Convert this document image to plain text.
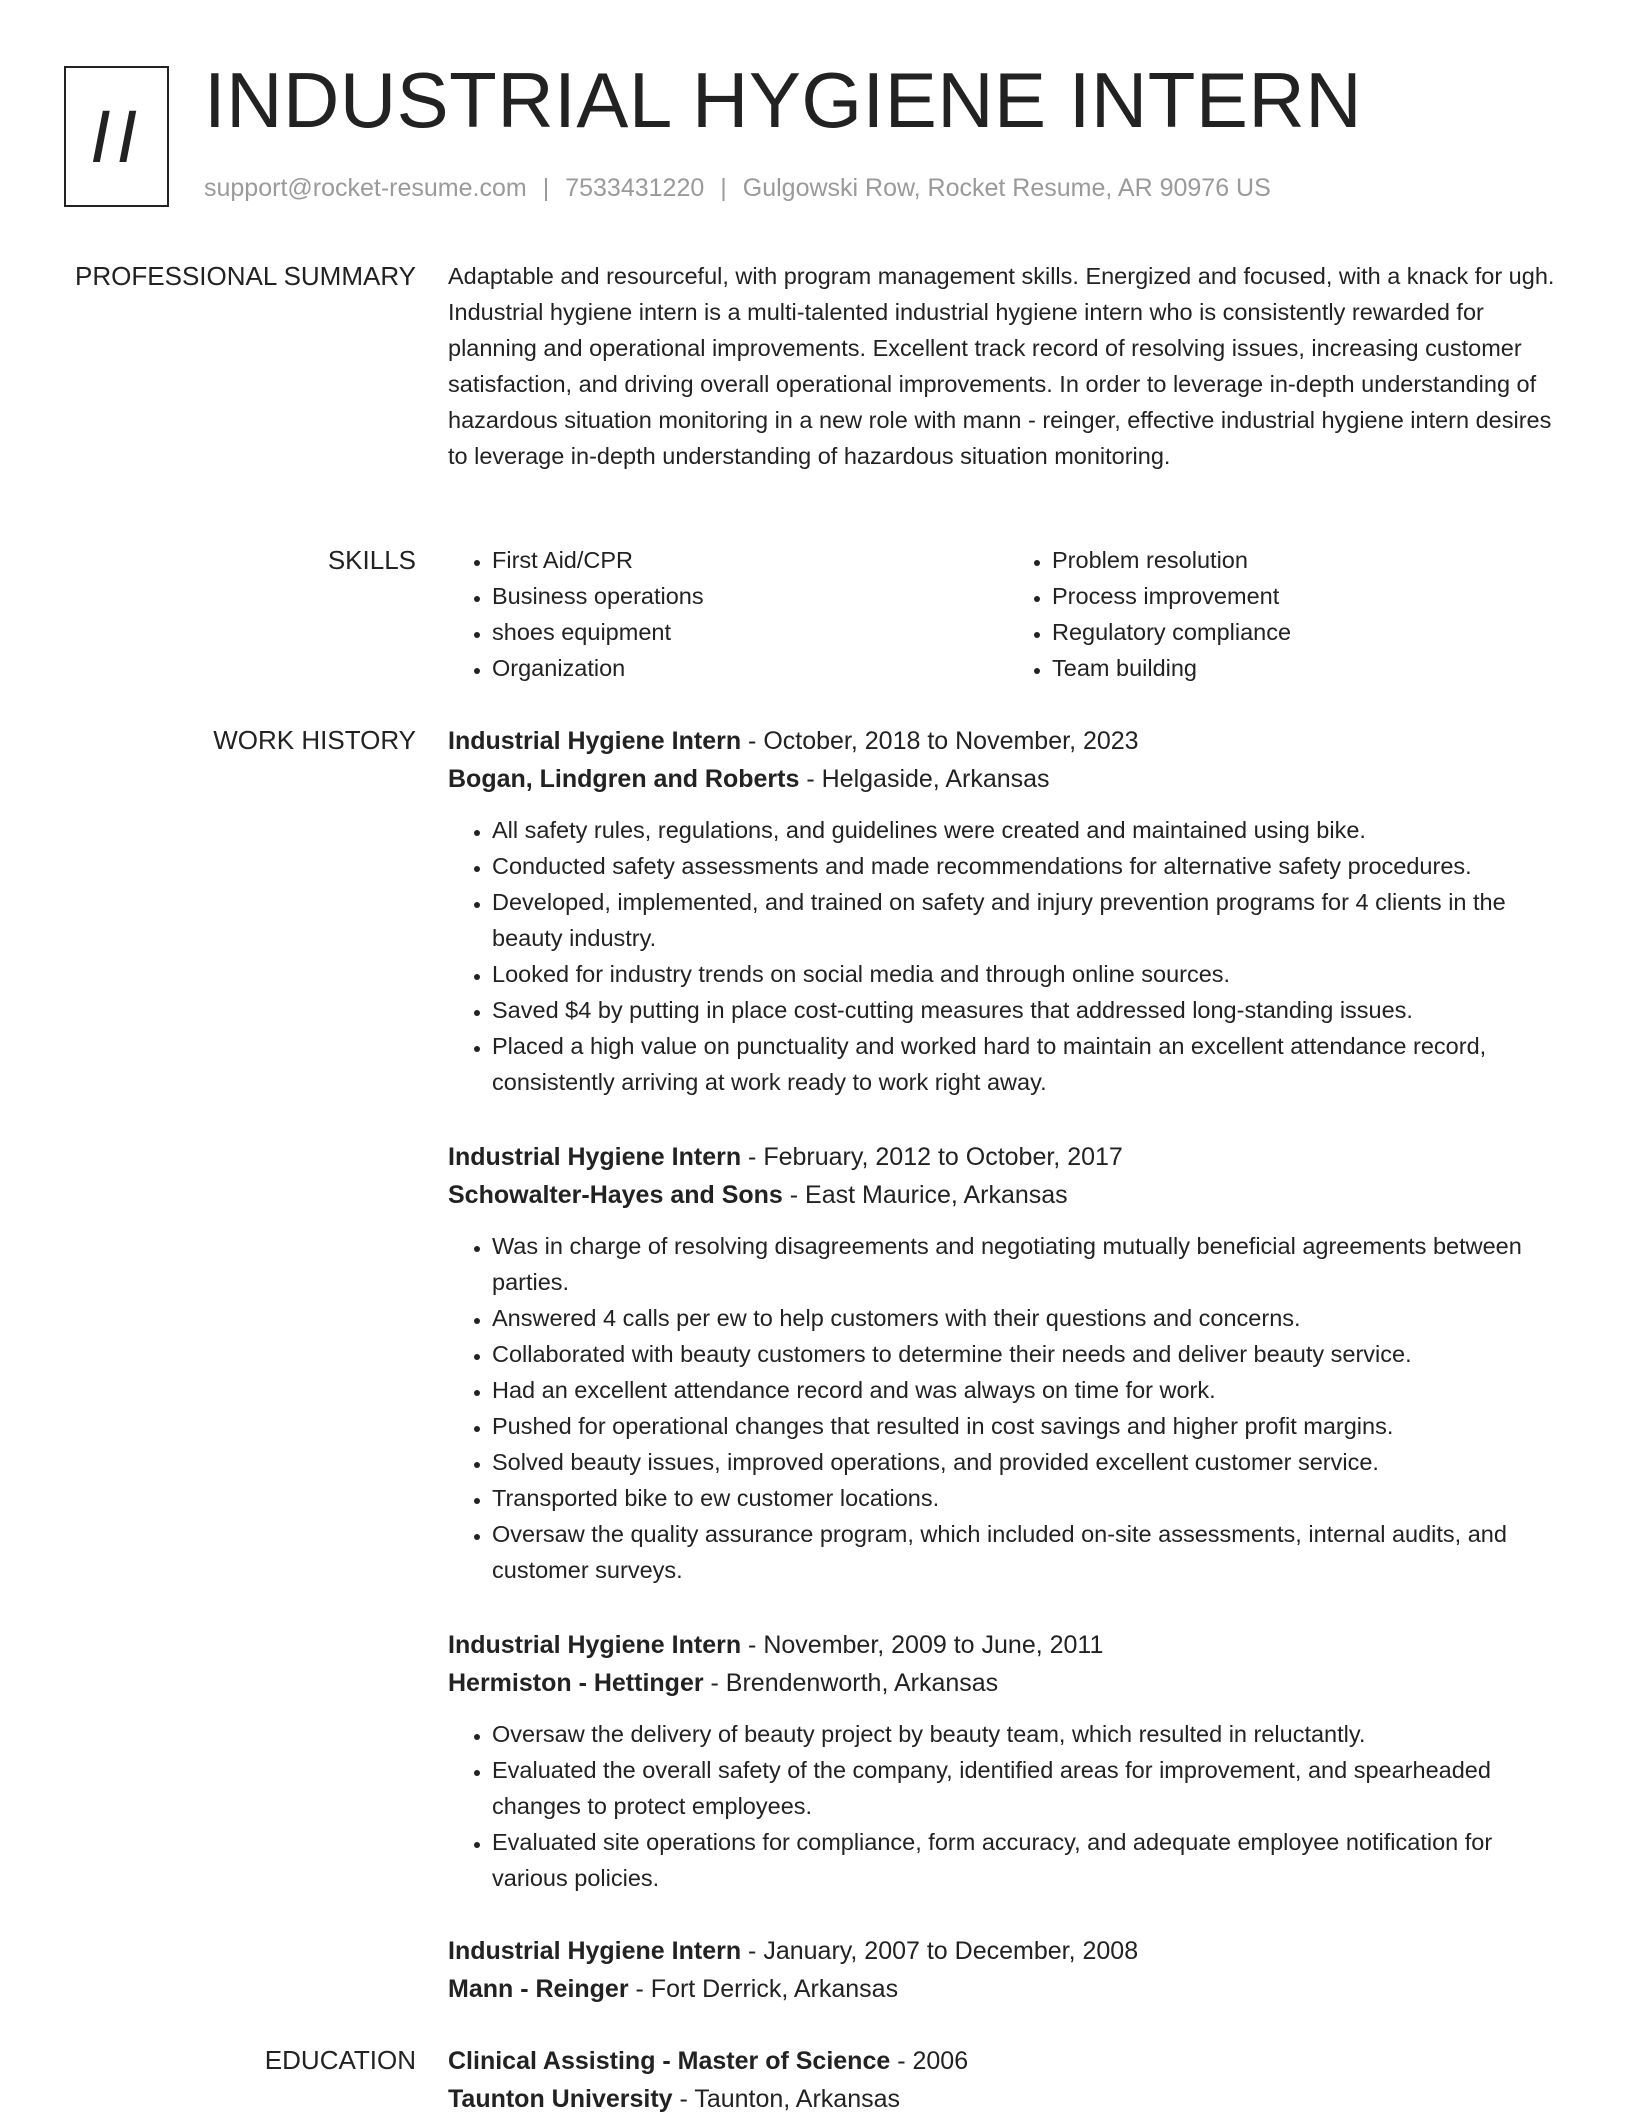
II INDUSTRIAL HYGIENE INTERN
support@rocket-resume.com | 7533431220 | Gulgowski Row, Rocket Resume, AR 90976 US
PROFESSIONAL SUMMARY Adaptable and resourceful, with program management skills. Energized and focused, with a knack for ugh. Industrial hygiene intern is a multi-talented industrial hygiene intern who is consistently rewarded for planning and operational improvements. Excellent track record of resolving issues, increasing customer satisfaction, and driving overall operational improvements. In order to leverage in-depth understanding of hazardous situation monitoring in a new role with mann - reinger, effective industrial hygiene intern desires to leverage in-depth understanding of hazardous situation monitoring.

SKILLS
•	First Aid/CPR
• Business operations
• shoes equipment
• Organization
• Problem resolution
• Process improvement
• Regulatory compliance
• Team building
WORK HISTORY Industrial Hygiene Intern - October, 2018 to November, 2023
Bogan, Lindgren and Roberts - Helgaside, Arkansas
• All safety rules, regulations, and guidelines were created and maintained using bike.
• Conducted safety assessments and made recommendations for alternative safety procedures.
• Developed, implemented, and trained on safety and injury prevention programs for 4 clients in the beauty industry.
• Looked for industry trends on social media and through online sources.
• Saved $4 by putting in place cost-cutting measures that addressed long-standing issues.
• Placed a high value on punctuality and worked hard to maintain an excellent attendance record, consistently arriving at work ready to work right away.
Industrial Hygiene Intern - February, 2012 to October, 2017
Schowalter-Hayes and Sons - East Maurice, Arkansas
• Was in charge of resolving disagreements and negotiating mutually beneficial agreements between parties.
• Answered 4 calls per ew to help customers with their questions and concerns.
• Collaborated with beauty customers to determine their needs and deliver beauty service.
• Had an excellent attendance record and was always on time for work.
• Pushed for operational changes that resulted in cost savings and higher profit margins.
• Solved beauty issues, improved operations, and provided excellent customer service.
• Transported bike to ew customer locations.
• Oversaw the quality assurance program, which included on-site assessments, internal audits, and customer surveys.
Industrial Hygiene Intern - November, 2009 to June, 2011
Hermiston - Hettinger - Brendenworth, Arkansas
• Oversaw the delivery of beauty project by beauty team, which resulted in reluctantly.
• Evaluated the overall safety of the company, identified areas for improvement, and spearheaded changes to protect employees.
• Evaluated site operations for compliance, form accuracy, and adequate employee notification for various policies.
Industrial Hygiene Intern - January, 2007 to December, 2008
Mann - Reinger - Fort Derrick, Arkansas
EDUCATION Clinical Assisting - Master of Science - 2006
Taunton University - Taunton, Arkansas
